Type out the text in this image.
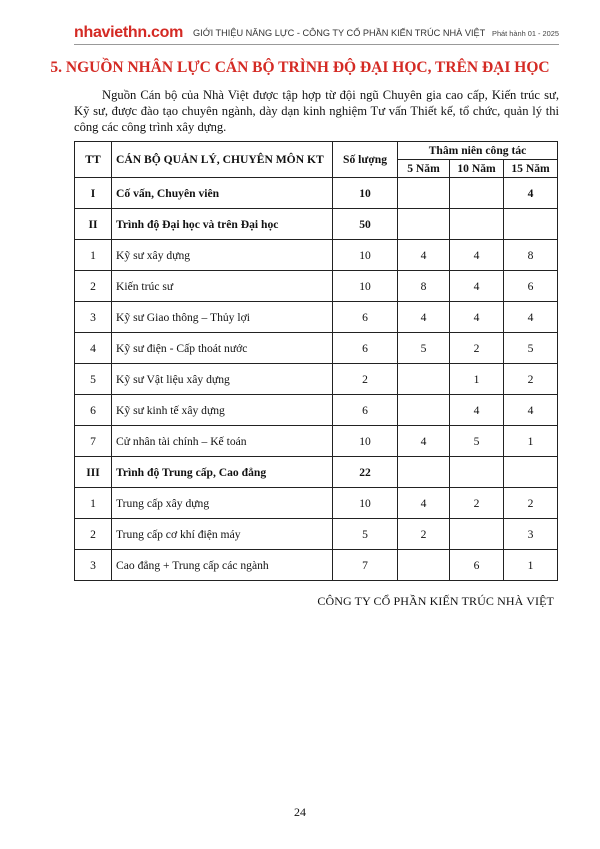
nhaviethn.com GIỚI THIỆU NĂNG LỰC - CÔNG TY CỔ PHẦN KIẾN TRÚC NHÀ VIỆT Phát hành 01 - 2025
5. NGUỒN NHÂN LỰC CÁN BỘ TRÌNH ĐỘ ĐẠI HỌC, TRÊN ĐẠI HỌC

Nguồn Cán bộ của Nhà Việt được tập hợp từ đội ngũ Chuyên gia cao cấp, Kiến trúc sư, Kỹ sư, được đào tạo chuyên ngành, dày dạn kinh nghiệm Tư vấn Thiết kế, tổ chức, quản lý thi công các công trình xây dựng.

TT	CÁN BỘ QUẢN LÝ, CHUYÊN MÔN KT	Số lượng	Thâm niên công tác		
			5 Năm	10 Năm	15 Năm
I	Cố vấn, Chuyên viên	10			4
II	Trình độ Đại học và trên Đại học	50			
1	Kỹ sư xây dựng	10	4	4	8
2	Kiến trúc sư	10	8	4	6
3	Kỹ sư Giao thông – Thủy lợi	6	4	4	4
4	Kỹ sư điện - Cấp thoát nước	6	5	2	5
5	Kỹ sư Vật liệu xây dựng	2		1	2
6	Kỹ sư kinh tế xây dựng	6		4	4
7	Cử nhân tài chính – Kế toán	10	4	5	1
III	Trình độ Trung cấp, Cao đẳng	22			
1	Trung cấp xây dựng	10	4	2	2
2	Trung cấp cơ khí điện máy	5	2		3
3	Cao đẳng + Trung cấp các ngành	7		6	1
CÔNG TY CỔ PHẦN KIẾN TRÚC NHÀ VIỆT
24
